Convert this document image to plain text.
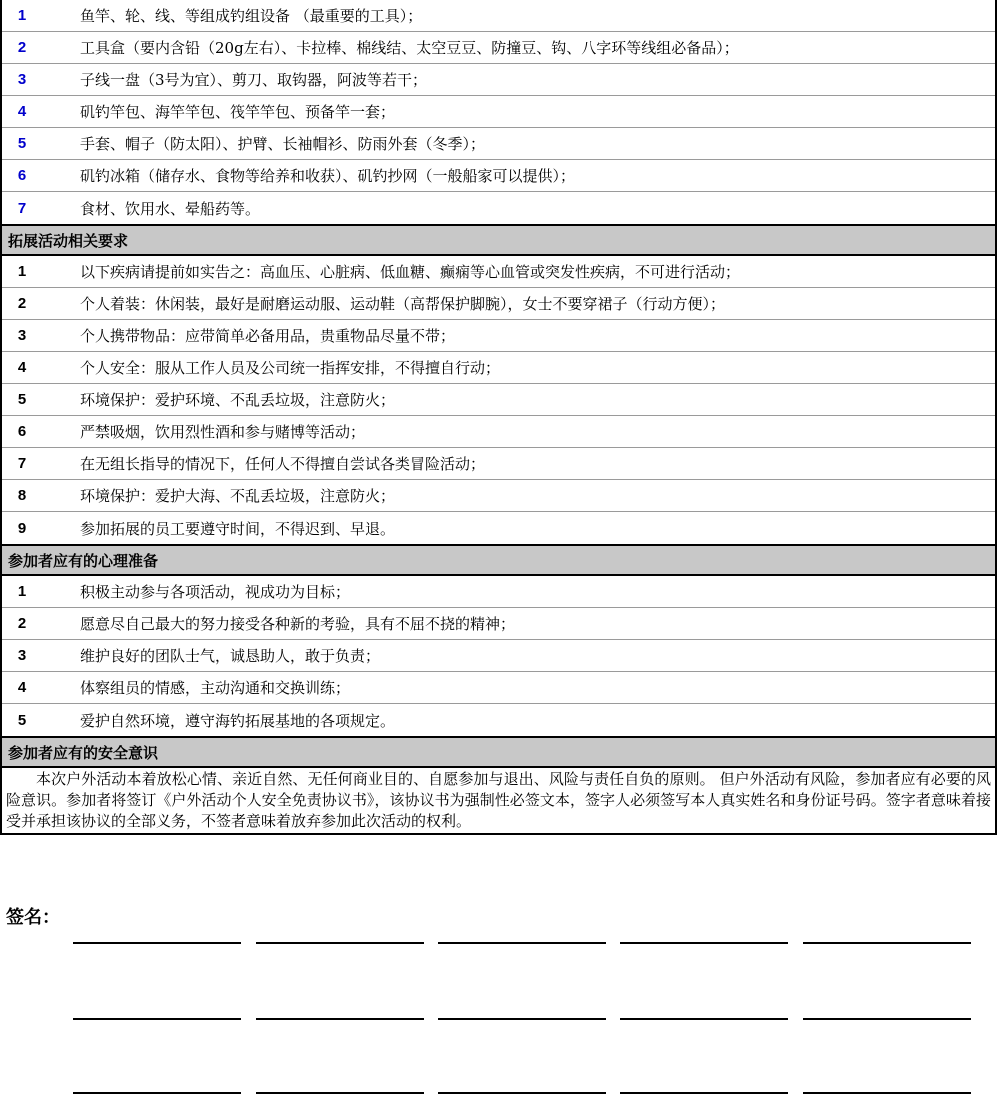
1	鱼竿、轮、线、等组成钓组设备 （最重要的工具）；
2	工具盒（要内含铅（20g左右）、卡拉棒、棉线结、太空豆豆、防撞豆、钩、八字环等线组必备品）；
3	子线一盘（3号为宜）、剪刀、取钩器，阿波等若干；
4	矶钓竿包、海竿竿包、筏竿竿包、预备竿一套；
5	手套、帽子（防太阳）、护臂、长袖帽衫、防雨外套（冬季）；
6	矶钓冰箱（储存水、食物等给养和收获）、矶钓抄网（一般船家可以提供）；
7	食材、饮用水、晕船药等。
拓展活动相关要求
1	以下疾病请提前如实告之：高血压、心脏病、低血糖、癫痫等心血管或突发性疾病，不可进行活动；
2	个人着装：休闲装，最好是耐磨运动服、运动鞋（高帮保护脚腕），女士不要穿裙子（行动方便）；
3	个人携带物品：应带简单必备用品，贵重物品尽量不带；
4	个人安全：服从工作人员及公司统一指挥安排，不得擅自行动；
5	环境保护：爱护环境、不乱丢垃圾，注意防火；
6	严禁吸烟，饮用烈性酒和参与赌博等活动；
7	在无组长指导的情况下，任何人不得擅自尝试各类冒险活动；
8	环境保护：爱护大海、不乱丢垃圾，注意防火；
9	参加拓展的员工要遵守时间，不得迟到、早退。
参加者应有的心理准备
1	积极主动参与各项活动，视成功为目标；
2	愿意尽自己最大的努力接受各种新的考验，具有不屈不挠的精神；
3	维护良好的团队士气，诚恳助人，敢于负责；
4	体察组员的情感，主动沟通和交换训练；
5	爱护自然环境，遵守海钓拓展基地的各项规定。
参加者应有的安全意识
本次户外活动本着放松心情、亲近自然、无任何商业目的、自愿参加与退出、风险与责任自负的原则。 但户外活动有风险，参加者应有必要的风险意识。参加者将签订《户外活动个人安全免责协议书》，该协议书为强制性必签文本，签字人必须签写本人真实姓名和身份证号码。签字者意味着接受并承担该协议的全部义务，不签者意味着放弃参加此次活动的权利。
签名：
